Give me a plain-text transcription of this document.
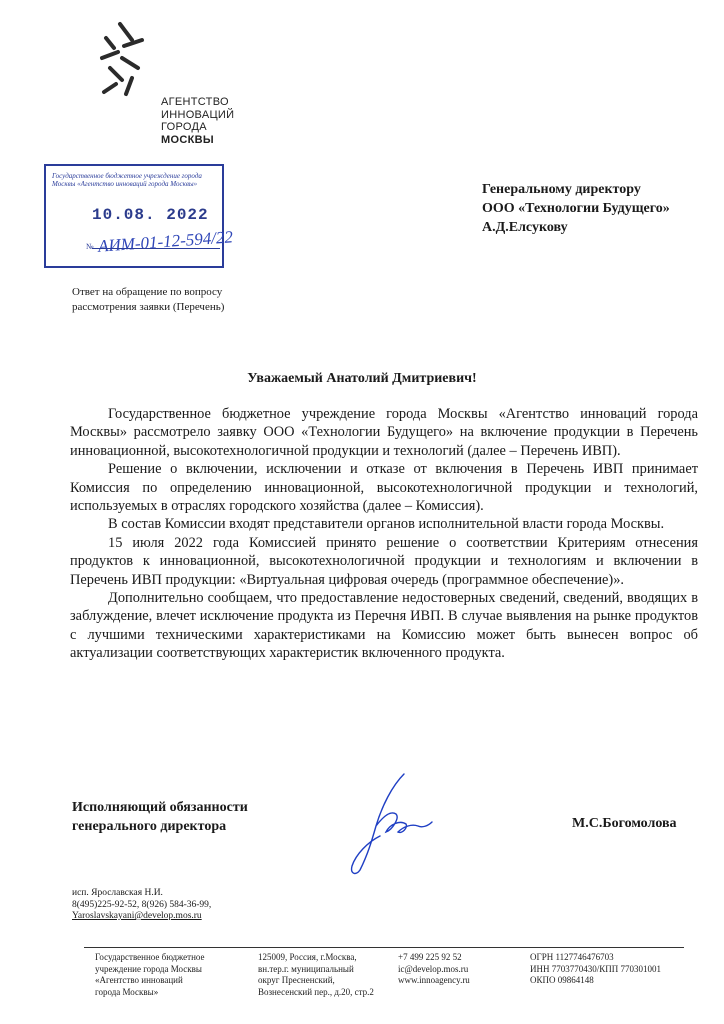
АГЕНТСТВО
ИННОВАЦИЙ
ГОРОДА
МОСКВЫ
Государственное бюджетное учреждение города
Москвы «Агентство инноваций города Москвы»
10.08. 2022
№ АИМ-01-12-594/22
Генеральному директору
ООО «Технологии Будущего»
А.Д.Елсукову
Ответ на обращение по вопросу
рассмотрения заявки (Перечень)
Уважаемый Анатолий Дмитриевич!

Государственное бюджетное учреждение города Москвы «Агентство инноваций города Москвы» рассмотрело заявку ООО «Технологии Будущего» на включение продукции в Перечень инновационной, высокотехнологичной продукции и технологий (далее – Перечень ИВП).

Решение о включении, исключении и отказе от включения в Перечень ИВП принимает Комиссия по определению инновационной, высокотехнологичной продукции и технологий, используемых в отраслях городского хозяйства (далее – Комиссия).

В состав Комиссии входят представители органов исполнительной власти города Москвы.

15 июля 2022 года Комиссией принято решение о соответствии Критериям отнесения продуктов к инновационной, высокотехнологичной продукции и технологиям и включении в Перечень ИВП продукции: «Виртуальная цифровая очередь (программное обеспечение)».

Дополнительно сообщаем, что предоставление недостоверных сведений, сведений, вводящих в заблуждение, влечет исключение продукта из Перечня ИВП. В случае выявления на рынке продуктов с лучшими техническими характеристиками на Комиссию может быть вынесен вопрос об актуализации соответствующих характеристик включенного продукта.

Исполняющий обязанности
генерального директора	М.С.Богомолова
исп. Ярославская Н.И.
8(495)225-92-52, 8(926) 584-36-99,
Yaroslavskayani@develop.mos.ru
Государственное бюджетное
учреждение города Москвы
«Агентство инноваций
города Москвы»
125009, Россия, г.Москва,
вн.тер.г. муниципальный
округ Пресненский,
Вознесенский пер., д.20, стр.2
+7 499 225 92 52
ic@develop.mos.ru
www.innoagency.ru
ОГРН 1127746476703
ИНН 7703770430/КПП 770301001
ОКПО 09864148
